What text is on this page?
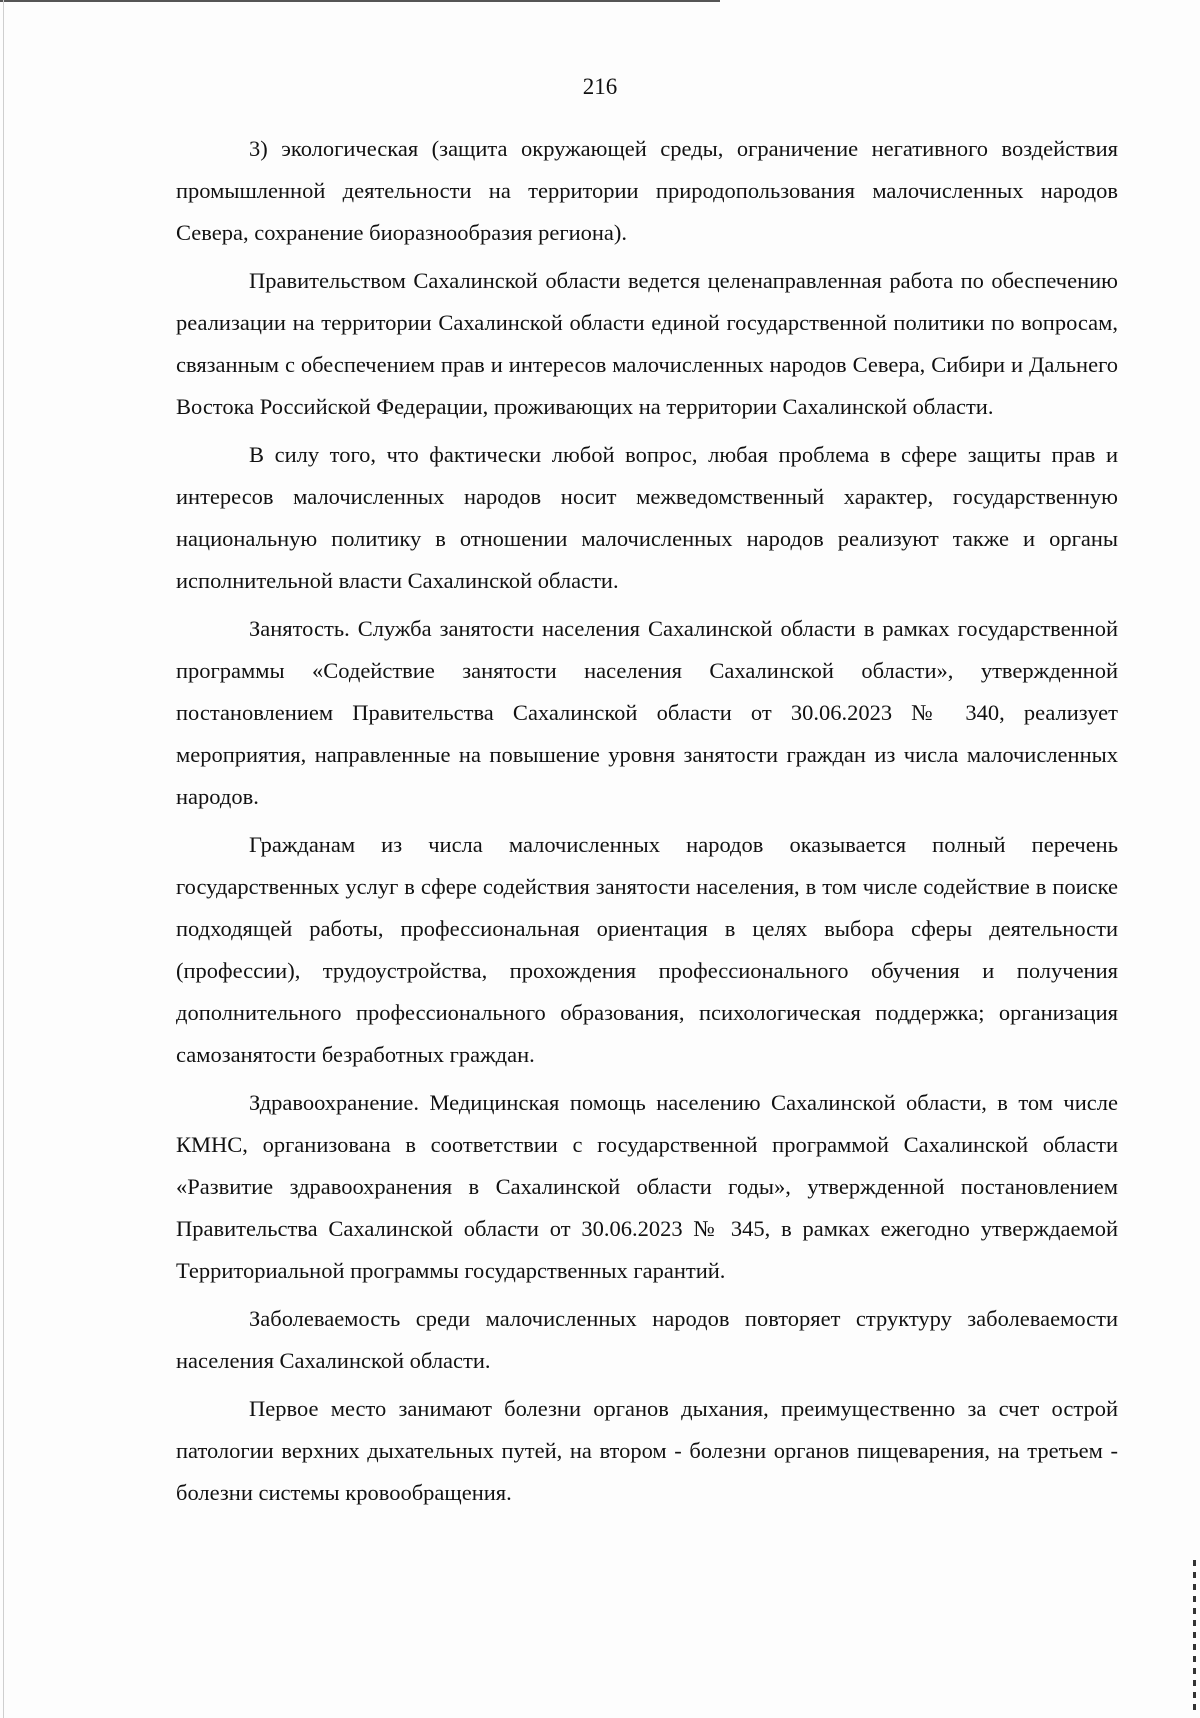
216

3) экологическая (защита окружающей среды, ограничение негативного воздействия промышленной деятельности на территории природопользования малочисленных народов Севера, сохранение биоразнообразия региона).

Правительством Сахалинской области ведется целенаправленная работа по обеспечению реализации на территории Сахалинской области единой государственной политики по вопросам, связанным с обеспечением прав и интересов малочисленных народов Севера, Сибири и Дальнего Востока Российской Федерации, проживающих на территории Сахалинской области.

В силу того, что фактически любой вопрос, любая проблема в сфере защиты прав и интересов малочисленных народов носит межведомственный характер, государственную национальную политику в отношении малочисленных народов реализуют также и органы исполнительной власти Сахалинской области.

Занятость. Служба занятости населения Сахалинской области в рамках государственной программы «Содействие занятости населения Сахалинской области», утвержденной постановлением Правительства Сахалинской области от 30.06.2023 № 340, реализует мероприятия, направленные на повышение уровня занятости граждан из числа малочисленных народов.

Гражданам из числа малочисленных народов оказывается полный перечень государственных услуг в сфере содействия занятости населения, в том числе содействие в поиске подходящей работы, профессиональная ориентация в целях выбора сферы деятельности (профессии), трудоустройства, прохождения профессионального обучения и получения дополнительного профессионального образования, психологическая поддержка; организация самозанятости безработных граждан.

Здравоохранение. Медицинская помощь населению Сахалинской области, в том числе КМНС, организована в соответствии с государственной программой Сахалинской области «Развитие здравоохранения в Сахалинской области годы», утвержденной постановлением Правительства Сахалинской области от 30.06.2023 № 345, в рамках ежегодно утверждаемой Территориальной программы государственных гарантий.

Заболеваемость среди малочисленных народов повторяет структуру заболеваемости населения Сахалинской области.

Первое место занимают болезни органов дыхания, преимущественно за счет острой патологии верхних дыхательных путей, на втором - болезни органов пищеварения, на третьем - болезни системы кровообращения.
